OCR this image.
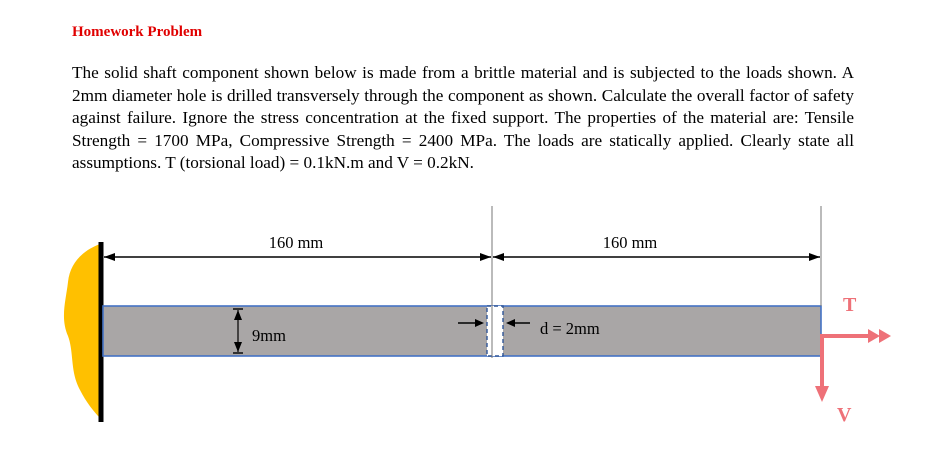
Homework Problem

The solid shaft component shown below is made from a brittle material and is subjected to the loads shown. A 2mm diameter hole is drilled transversely through the component as shown. Calculate the overall factor of safety against failure. Ignore the stress concentration at the fixed support. The properties of the material are: Tensile Strength = 1700 MPa, Compressive Strength = 2400 MPa. The loads are statically applied. Clearly state all assumptions. T (torsional load) = 0.1kN.m and V = 0.2kN.

160 mm	160 mm
9mm	d = 2mm
T
V
